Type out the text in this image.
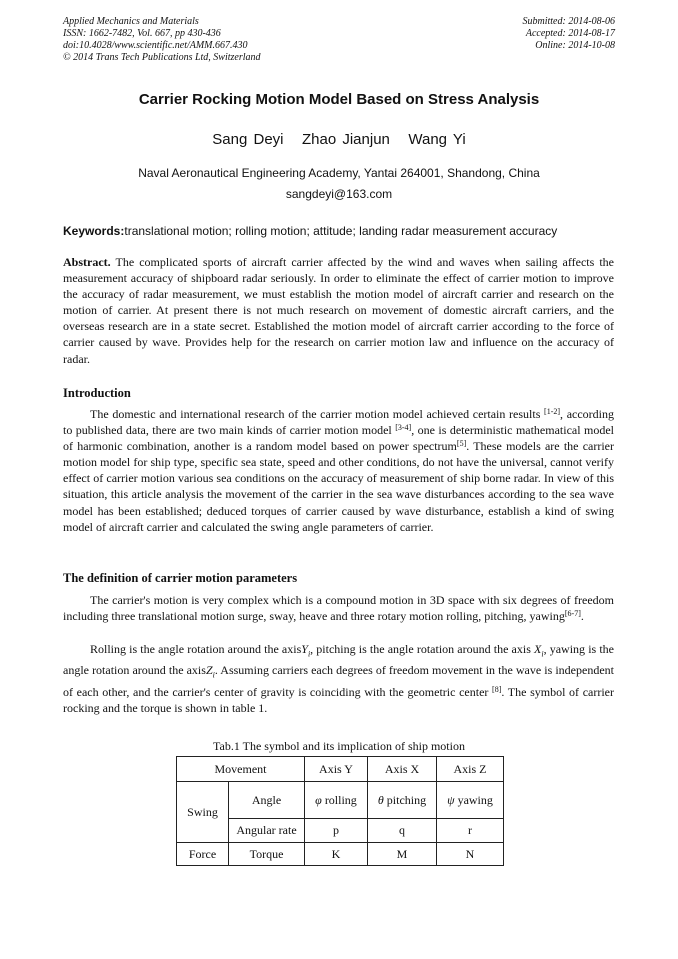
Applied Mechanics and Materials
ISSN: 1662-7482, Vol. 667, pp 430-436
doi:10.4028/www.scientific.net/AMM.667.430
© 2014 Trans Tech Publications Ltd, Switzerland
Submitted: 2014-08-06
Accepted: 2014-08-17
Online: 2014-10-08
Carrier Rocking Motion Model Based on Stress Analysis
Sang Deyi   Zhao Jianjun   Wang Yi
Naval Aeronautical Engineering Academy, Yantai 264001, Shandong, China
sangdeyi@163.com
Keywords:translational motion; rolling motion; attitude; landing radar measurement accuracy

Abstract. The complicated sports of aircraft carrier affected by the wind and waves when sailing affects the measurement accuracy of shipboard radar seriously. In order to eliminate the effect of carrier motion to improve the accuracy of radar measurement, we must establish the motion model of aircraft carrier and research on the motion of carrier. At present there is not much research on movement of domestic aircraft carriers, and the overseas research are in a state secret. Established the motion model of aircraft carrier according to the force of carrier caused by wave. Provides help for the research on carrier motion law and influence on the accuracy of radar.

Introduction

The domestic and international research of the carrier motion model achieved certain results [1-2], according to published data, there are two main kinds of carrier motion model [3-4], one is deterministic mathematical model of harmonic combination, another is a random model based on power spectrum[5]. These models are the carrier motion model for ship type, specific sea state, speed and other conditions, do not have the universal, cannot verify effect of carrier motion various sea conditions on the accuracy of measurement of ship borne radar. In view of this situation, this article analysis the movement of the carrier in the sea wave disturbances according to the sea wave model has been established; deduced torques of carrier caused by wave disturbance, establish a kind of swing model of aircraft carrier and calculated the swing angle parameters of carrier.

The definition of carrier motion parameters

The carrier's motion is very complex which is a compound motion in 3D space with six degrees of freedom including three translational motion surge, sway, heave and three rotary motion rolling, pitching, yawing[6-7].

Rolling is the angle rotation around the axisY$_i$, pitching is the angle rotation around the axis $X_i$, yawing is the angle rotation around the axisZ$_i$. Assuming carriers each degrees of freedom movement in the wave is independent of each other, and the carrier's center of gravity is coinciding with the geometric center [8]. The symbol of carrier rocking and the torque is shown in table 1.

Tab.1 The symbol and its implication of ship motion
Movement		Axis Y	Axis X	Axis Z
Swing	Angle	φ rolling	θ pitching	ψ yawing
	Angular rate	p	q	r
Force	Torque	K	M	N
